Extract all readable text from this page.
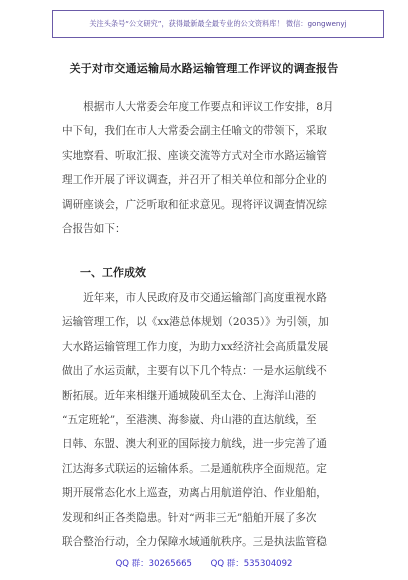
关注头条号“公文研究”，获得最新最全最专业的公文资料库！ 微信：gongwenyj
关于对市交通运输局水路运输管理工作评议的调查报告
　　根据市人大常委会年度工作要点和评议工作安排，8月
中下旬，我们在市人大常委会副主任喻文的带领下，采取
实地察看、听取汇报、座谈交流等方式对全市水路运输管
理工作开展了评议调查，并召开了相关单位和部分企业的
调研座谈会，广泛听取和征求意见。现将评议调查情况综
合报告如下：
一、工作成效
　　近年来，市人民政府及市交通运输部门高度重视水路
运输管理工作，以《xx港总体规划（2035）》为引领，加
大水路运输管理工作力度，为助力xx经济社会高质量发展
做出了水运贡献，主要有以下几个特点：一是水运航线不
断拓展。近年来相继开通城陵矶至太仓、上海洋山港的
“五定班轮”，至港澳、海参崴、舟山港的直达航线，至
日韩、东盟、澳大利亚的国际接力航线，进一步完善了通
江达海多式联运的运输体系。二是通航秩序全面规范。定
期开展常态化水上巡查，劝离占用航道停泊、作业船舶，
发现和纠正各类隐患。针对“两非三无”船舶开展了多次
联合整治行动，全力保障水域通航秩序。三是执法监管稳
QQ 群：30265665 QQ 群：535304092
